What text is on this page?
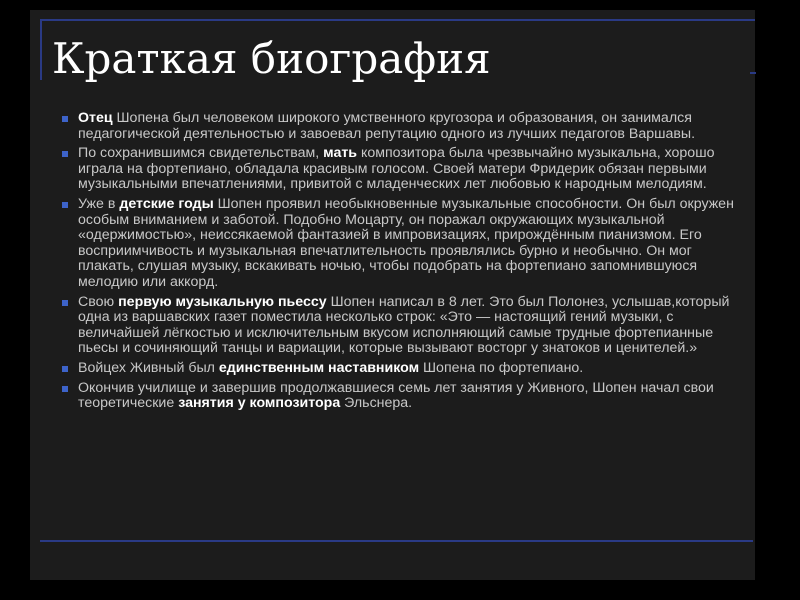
Краткая биография
Отец Шопена был человеком широкого умственного кругозора и образования, он занимался педагогической деятельностью и завоевал репутацию одного из лучших педагогов Варшавы.
По сохранившимся свидетельствам, мать композитора была чрезвычайно музыкальна, хорошо играла на фортепиано, обладала красивым голосом. Своей матери Фридерик обязан первыми музыкальными впечатлениями, привитой с младенческих лет любовью к народным мелодиям.
Уже в детские годы Шопен проявил необыкновенные музыкальные способности. Он был окружен особым вниманием и заботой. Подобно Моцарту, он поражал окружающих музыкальной «одержимостью», неиссякаемой фантазией в импровизациях, прирождённым пианизмом. Его восприимчивость и музыкальная впечатлительность проявлялись бурно и необычно. Он мог плакать, слушая музыку, вскакивать ночью, чтобы подобрать на фортепиано запомнившуюся мелодию или аккорд.
Свою первую музыкальную пьессу Шопен написал в 8 лет. Это был Полонез, услышав,который одна из варшавских газет поместила несколько строк: «Это — настоящий гений музыки, с величайшей лёгкостью и исключительным вкусом исполняющий самые трудные фортепианные пьесы и сочиняющий танцы и вариации, которые вызывают восторг у знатоков и ценителей.»
Войцех Живный был единственным наставником Шопена по фортепиано.
Окончив училище и завершив продолжавшиеся семь лет занятия у Живного, Шопен начал свои теоретические занятия у композитора Эльснера.
